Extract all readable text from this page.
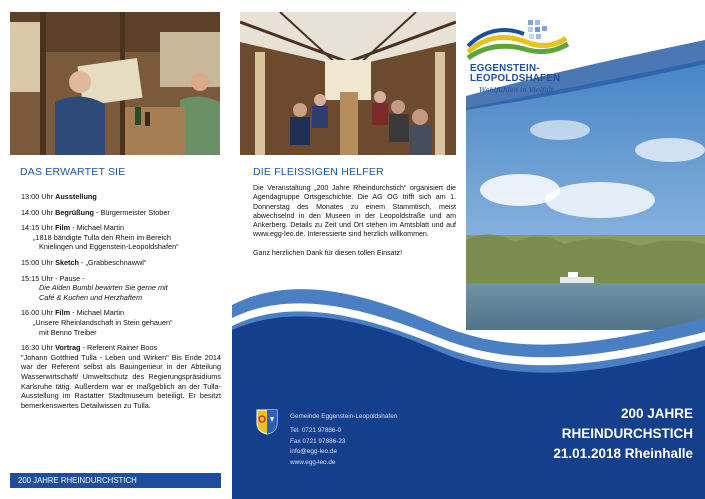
DAS ERWARTET SIE
13:00 Uhr Ausstellung
14:00 Uhr Begrüßung - Bürgermeister Stober
14:15 Uhr Film - Michael Martin
„1818 bändigte Tulla den Rhein im Bereich
Knielingen und Eggenstein-Leopoldshafen“
15:00 Uhr Sketch - „Grabbeschnawwl“
15:15 Uhr - Pause -
Die Alden Bumbl bewirten Sie gerne mit
Café & Kuchen und Herzhaftem
16.00 Uhr Film - Michael Martin
„Unsere Rheinlandschaft in Stein gehauen“
mit Benno Treiber
16:30 Uhr Vortrag - Referent Rainer Boos
"Johann Gottfried Tulla - Leben und Wirken" Bis Ende 2014 war der Referent selbst als Bauingenieur in der Abteilung Wasserwirtschaft/ Umweltschutz des Regierungspräsidiums Karlsruhe tätig. Außerdem war er maßgeblich an der Tulla-Ausstellung im Rastatter Stadtmuseum beteiligt. Er besitzt bemerkenswertes Detailwissen zu Tulla.
200 JAHRE RHEINDURCHSTICH
DIE FLEISSIGEN HELFER

Die Veranstaltung „200 Jahre Rheindurchstich“ organisiert die Agendagruppe Ortsgeschichte. Die AG OG trifft sich am 1. Donnerstag des Monates zu einem Stammtisch, meist abwechselnd in den Museen in der Leopoldstraße und am Ankerberg. Details zu Zeit und Ort stehen im Amtsblatt und auf www.egg-leo.de. Interessierte sind herzlich willkommen.

Ganz herzlichen Dank für diesen tollen Einsatz!

Gemeinde Eggenstein-Leopoldshafen
Tel. 0721 97886-0
Fax 0721 97886-23
info@egg-leo.de
www.egg-leo.de
EGGENSTEIN-
LEOPOLDSHAFEN
Wohlfühlen in Vielfalt
200 JAHRE
RHEINDURCHSTICH
21.01.2018 Rheinhalle
